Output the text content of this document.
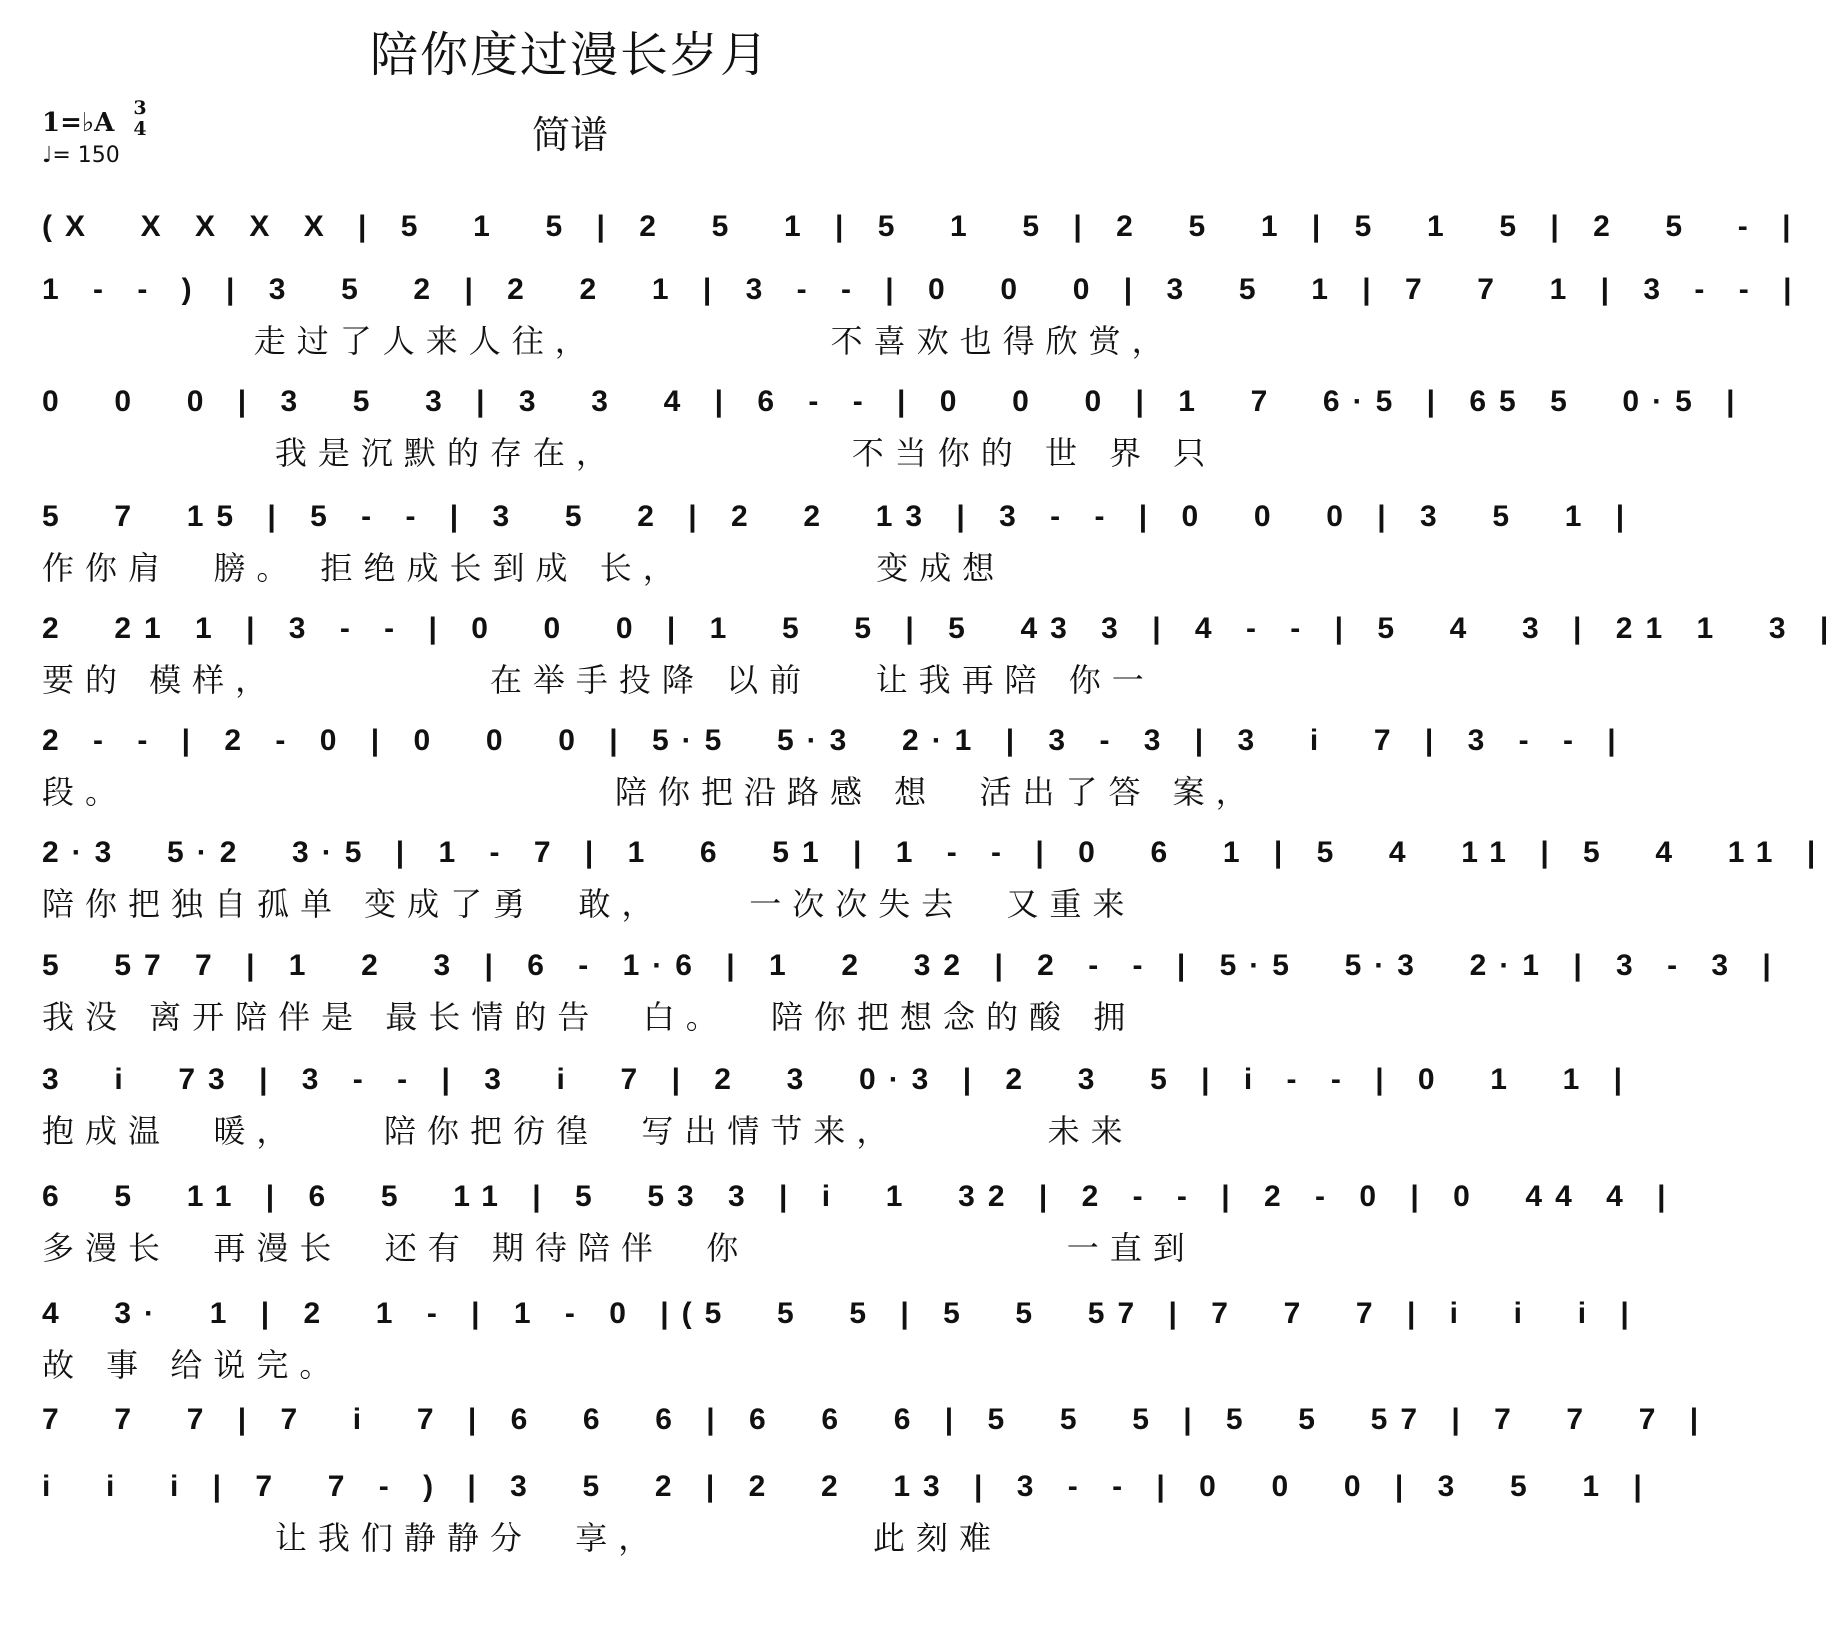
陪你度过漫长岁月
简谱
1=♭A 3
4
♩= 150
(X  X X X X | 5  1  5 | 2  5  1 | 5  1  5 | 2  5  1 | 5  1  5 | 2  5  - |
1 - - ) | 3  5  2 | 2  2  1 | 3 - - | 0  0  0 | 3  5  1 | 7  7  1 | 3 - - |
走过了人来人往，           不喜欢也得欣赏，
0  0  0 | 3  5  3 | 3  3  4 | 6 - - | 0  0  0 | 1  7  6·5 | 65 5  0·5 |
我是沉默的存在，           不当你的 世 界 只
5  7  15 | 5 - - | 3  5  2 | 2  2  13 | 3 - - | 0  0  0 | 3  5  1 |
作你肩  膀。 拒绝成长到成 长，         变成想
2  21 1 | 3 - - | 0  0  0 | 1  5  5 | 5  43 3 | 4 - - | 5  4  3 | 21 1  3 |
要的 模样，          在举手投降 以前   让我再陪 你一
2 - - | 2 - 0 | 0  0  0 | 5·5  5·3  2·1 | 3 - 3 | 3  i  7 | 3 - - |
段。                       陪你把沿路感 想  活出了答 案，
2·3  5·2  3·5 | 1 - 7 | 1  6  51 | 1 - - | 0  6  1 | 5  4  11 | 5  4  11 |
陪你把独自孤单 变成了勇  敢，    一次次失去  又重来
5  57 7 | 1  2  3 | 6 - 1·6 | 1  2  32 | 2 - - | 5·5  5·3  2·1 | 3 - 3 |
我没 离开陪伴是 最长情的告  白。  陪你把想念的酸 拥
3  i  73 | 3 - - | 3  i  7 | 2  3  0·3 | 2  3  5 | i - - | 0  1  1 |
抱成温  暖，    陪你把彷徨  写出情节来，       未来
6  5  11 | 6  5  11 | 5  53 3 | i  1  32 | 2 - - | 2 - 0 | 0  44 4 |
多漫长  再漫长  还有 期待陪伴  你               一直到
4  3·  1 | 2  1 - | 1 - 0 |(5  5  5 | 5  5  57 | 7  7  7 | i  i  i |
故 事 给说完。
7  7  7 | 7  i  7 | 6  6  6 | 6  6  6 | 5  5  5 | 5  5  57 | 7  7  7 |
i  i  i | 7  7 - ) | 3  5  2 | 2  2  13 | 3 - - | 0  0  0 | 3  5  1 |
让我们静静分  享，          此刻难
